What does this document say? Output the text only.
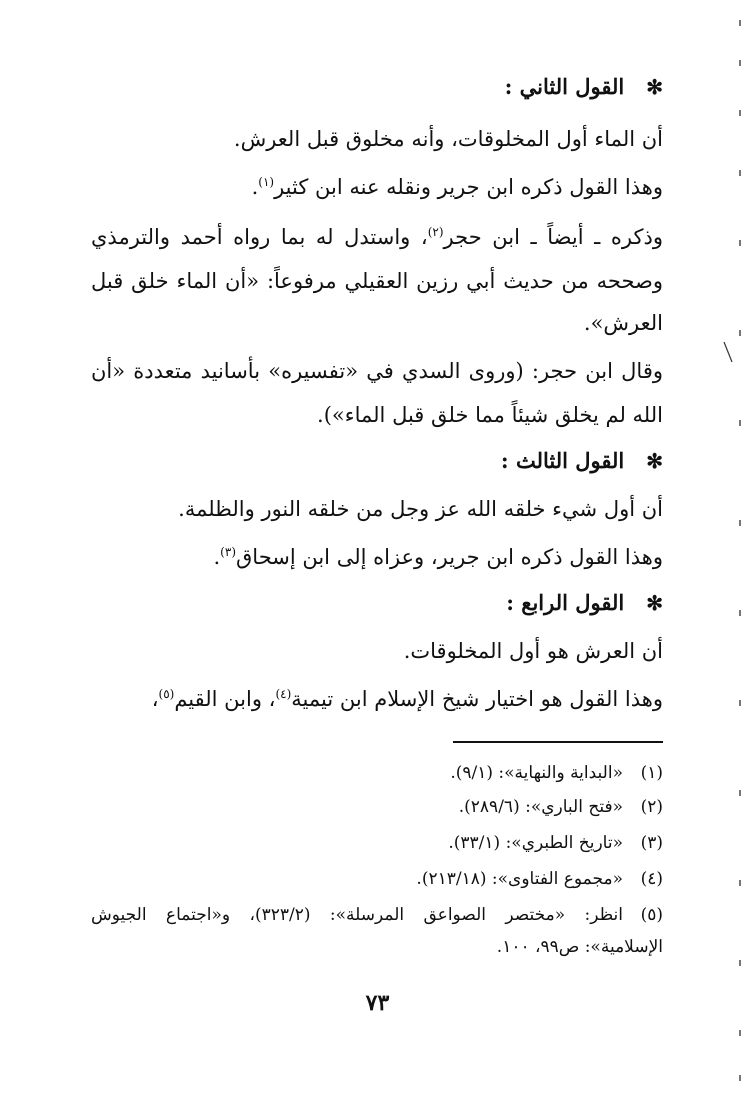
✻القول الثاني :
أن الماء أول المخلوقات، وأنه مخلوق قبل العرش.
وهذا القول ذكره ابن جرير ونقله عنه ابن كثير$^{(١)}$.
وذكره ـ أيضاً ـ ابن حجر$^{(٢)}$، واستدل له بما رواه أحمد والترمذي
وصححه من حديث أبي رزين العقيلي مرفوعاً: «أن الماء خلق قبل
العرش».
وقال ابن حجر: (وروى السدي في «تفسيره» بأسانيد متعددة «أن
الله لم يخلق شيئاً مما خلق قبل الماء»).
✻القول الثالث :
أن أول شيء خلقه الله عز وجل من خلقه النور والظلمة.
وهذا القول ذكره ابن جرير، وعزاه إلى ابن إسحاق$^{(٣)}$.
✻القول الرابع :
أن العرش هو أول المخلوقات.
وهذا القول هو اختيار شيخ الإسلام ابن تيمية$^{(٤)}$، وابن القيم$^{(٥)}$،
(١)«البداية والنهاية»: (٩/١).
(٢)«فتح الباري»: (٢٨٩/٦).
(٣)«تاريخ الطبري»: (٣٣/١).
(٤)«مجموع الفتاوى»: (٢١٣/١٨).
(٥)انظر: «مختصر الصواعق المرسلة»: (٣٢٣/٢)، و«اجتماع الجيوش
الإسلامية»: ص٩٩، ١٠٠.
٧٣
